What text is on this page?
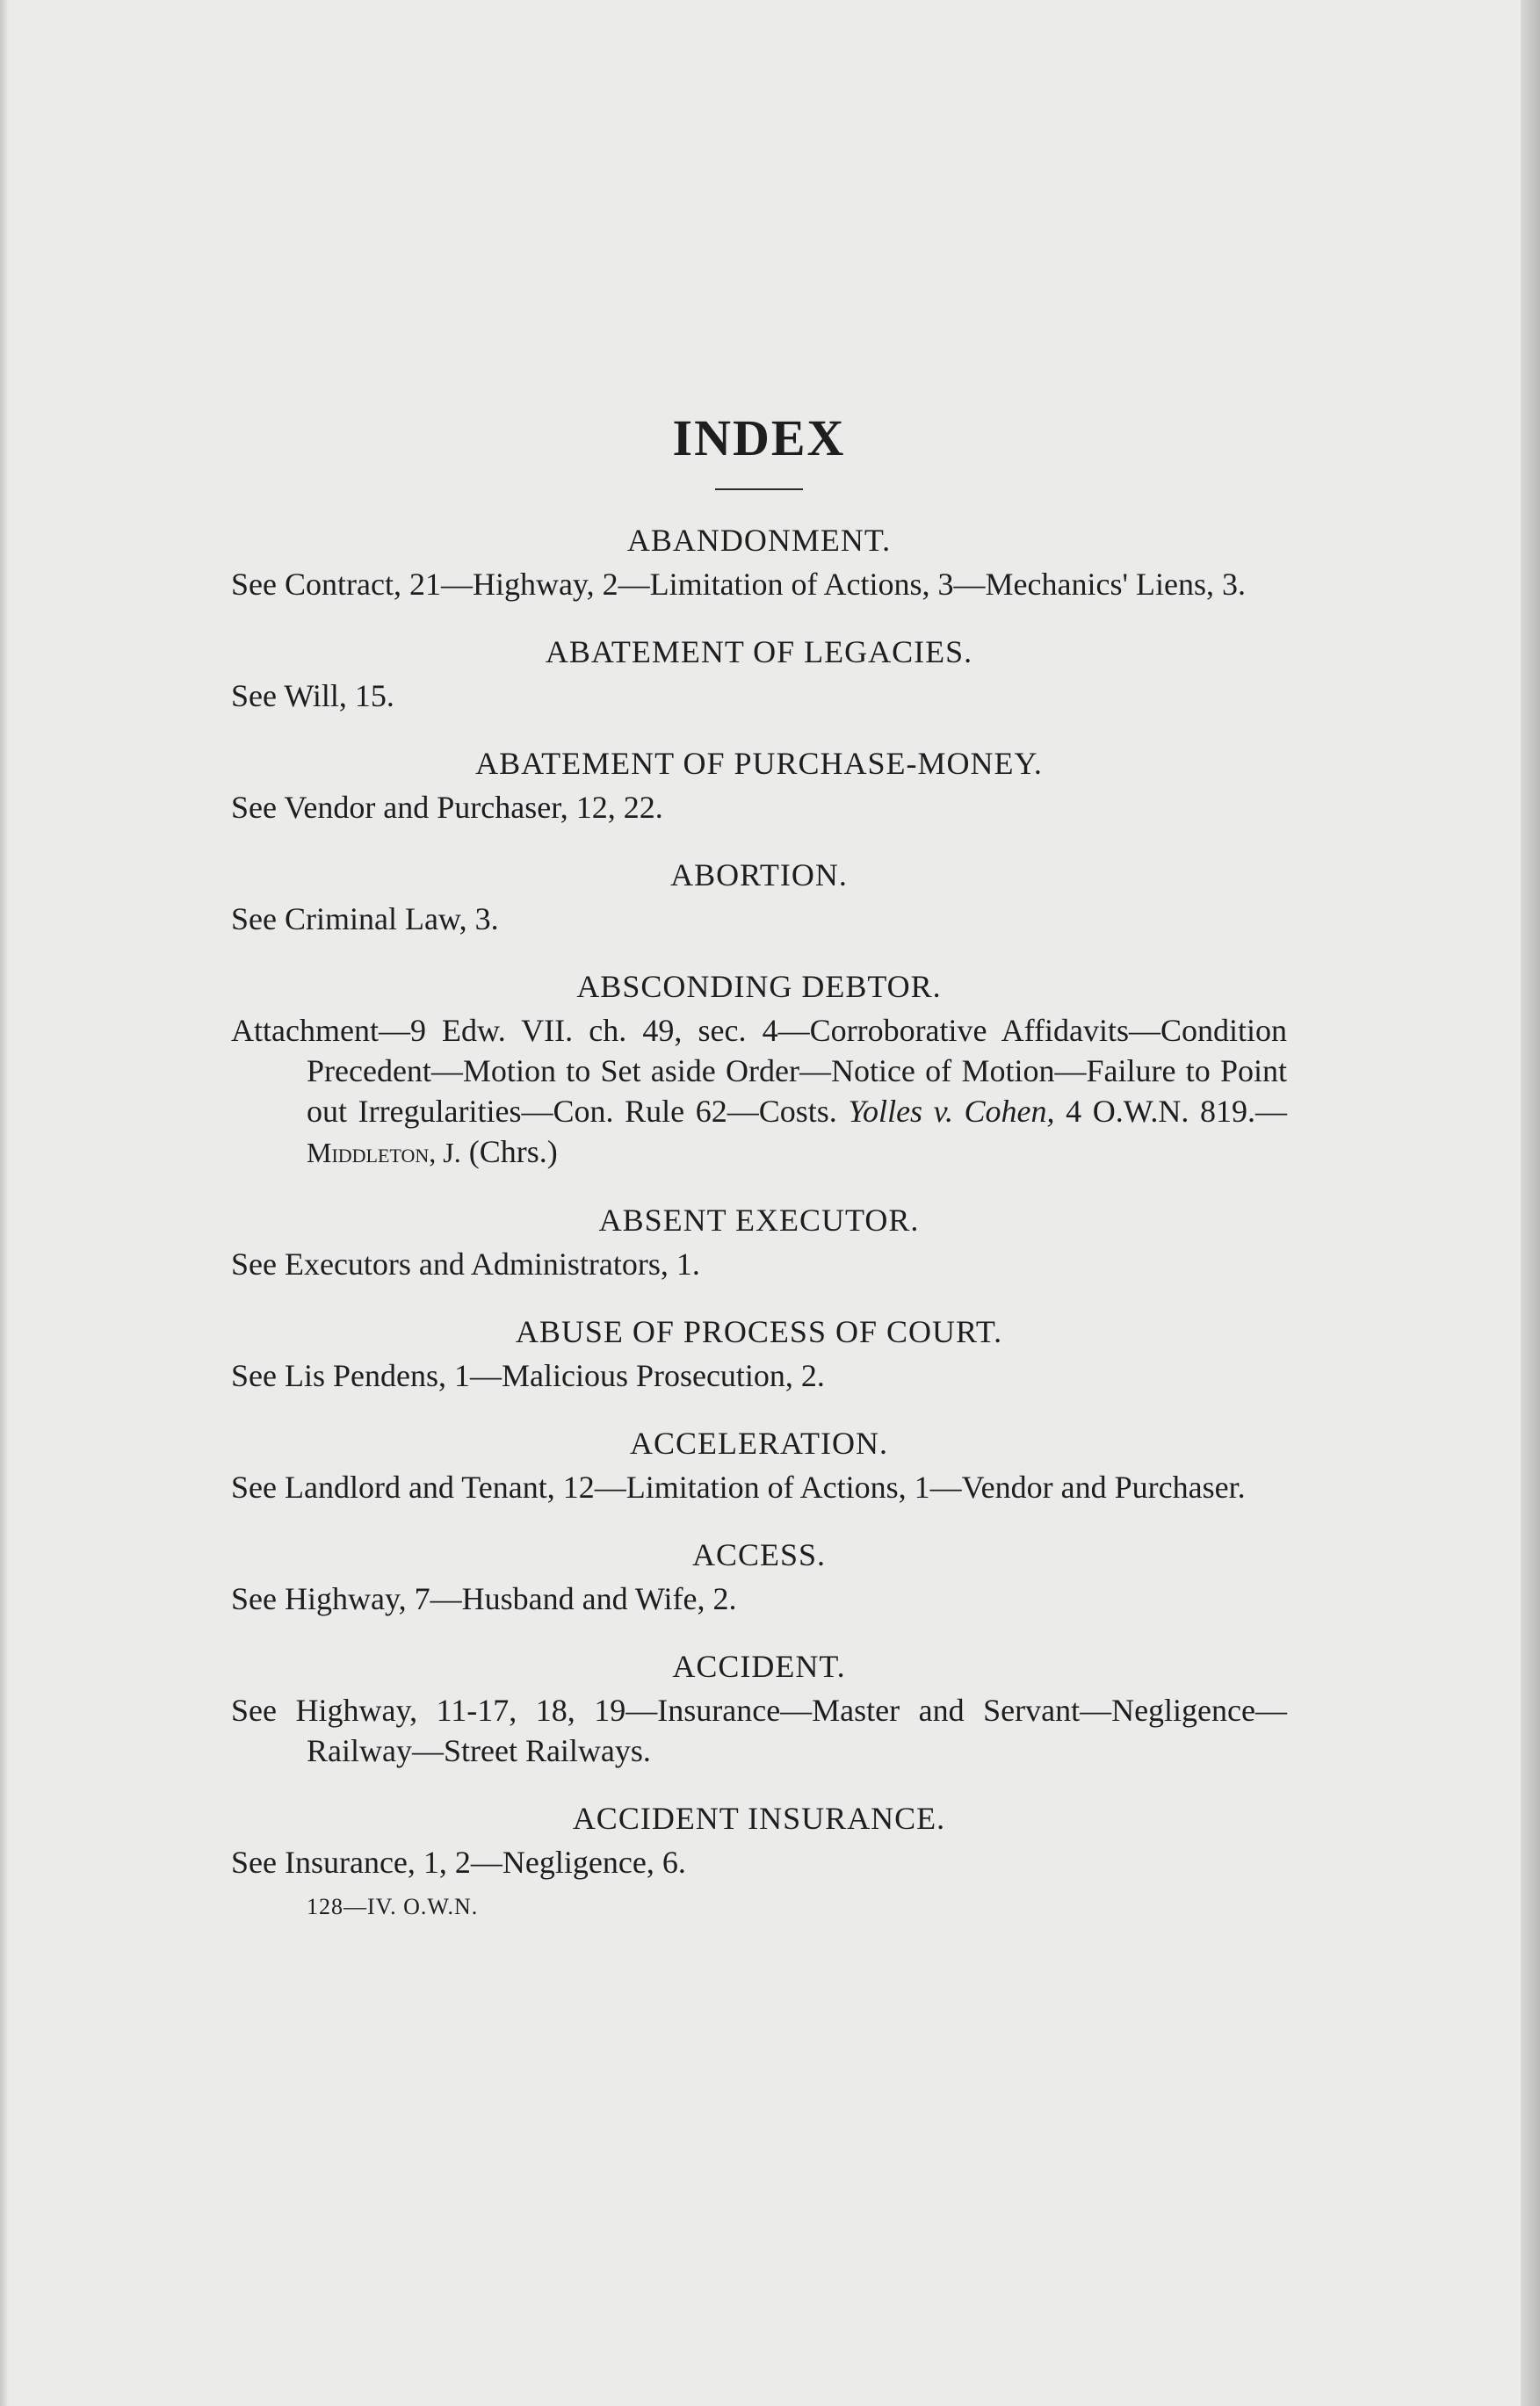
INDEX
ABANDONMENT.
See Contract, 21—Highway, 2—Limitation of Actions, 3—Mechanics' Liens, 3.
ABATEMENT OF LEGACIES.
See Will, 15.
ABATEMENT OF PURCHASE-MONEY.
See Vendor and Purchaser, 12, 22.
ABORTION.
See Criminal Law, 3.
ABSCONDING DEBTOR.
Attachment—9 Edw. VII. ch. 49, sec. 4—Corroborative Affidavits—Condition Precedent—Motion to Set aside Order—Notice of Motion—Failure to Point out Irregularities—Con. Rule 62—Costs. Yolles v. Cohen, 4 O.W.N. 819.— Middleton, J. (Chrs.)
ABSENT EXECUTOR.
See Executors and Administrators, 1.
ABUSE OF PROCESS OF COURT.
See Lis Pendens, 1—Malicious Prosecution, 2.
ACCELERATION.
See Landlord and Tenant, 12—Limitation of Actions, 1—Vendor and Purchaser.
ACCESS.
See Highway, 7—Husband and Wife, 2.
ACCIDENT.
See Highway, 11-17, 18, 19—Insurance—Master and Servant—Negligence—Railway—Street Railways.
ACCIDENT INSURANCE.
See Insurance, 1, 2—Negligence, 6.
128—IV. O.W.N.
